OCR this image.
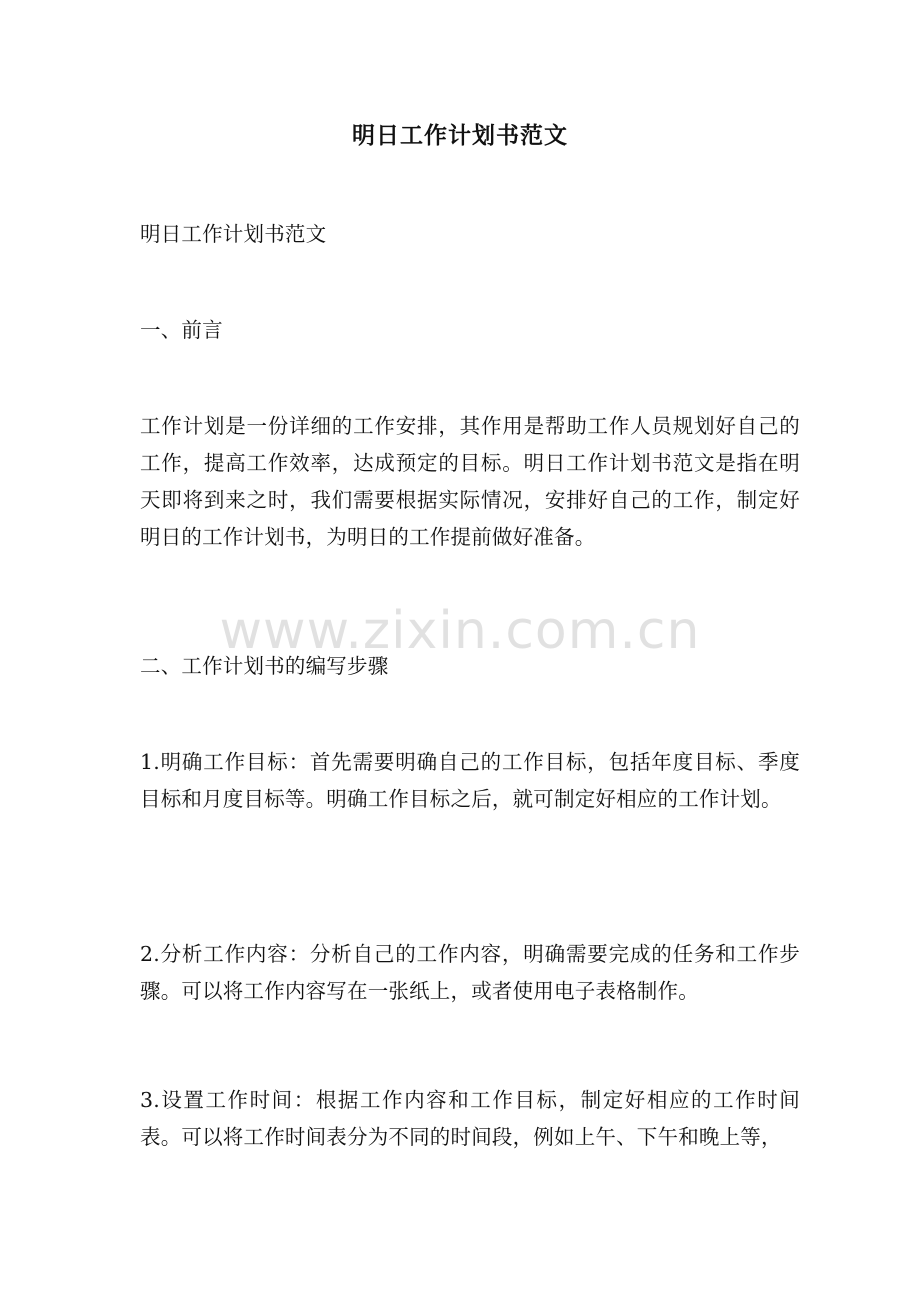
明日工作计划书范文

明日工作计划书范文

一、前言

工作计划是一份详细的工作安排，其作用是帮助工作人员规划好自己的工作，提高工作效率，达成预定的目标。明日工作计划书范文是指在明天即将到来之时，我们需要根据实际情况，安排好自己的工作，制定好明日的工作计划书，为明日的工作提前做好准备。

二、工作计划书的编写步骤

1.明确工作目标：首先需要明确自己的工作目标，包括年度目标、季度目标和月度目标等。明确工作目标之后，就可制定好相应的工作计划。

2.分析工作内容：分析自己的工作内容，明确需要完成的任务和工作步骤。可以将工作内容写在一张纸上，或者使用电子表格制作。

3.设置工作时间：根据工作内容和工作目标，制定好相应的工作时间表。可以将工作时间表分为不同的时间段，例如上午、下午和晚上等，

www.zixin.com.cn
